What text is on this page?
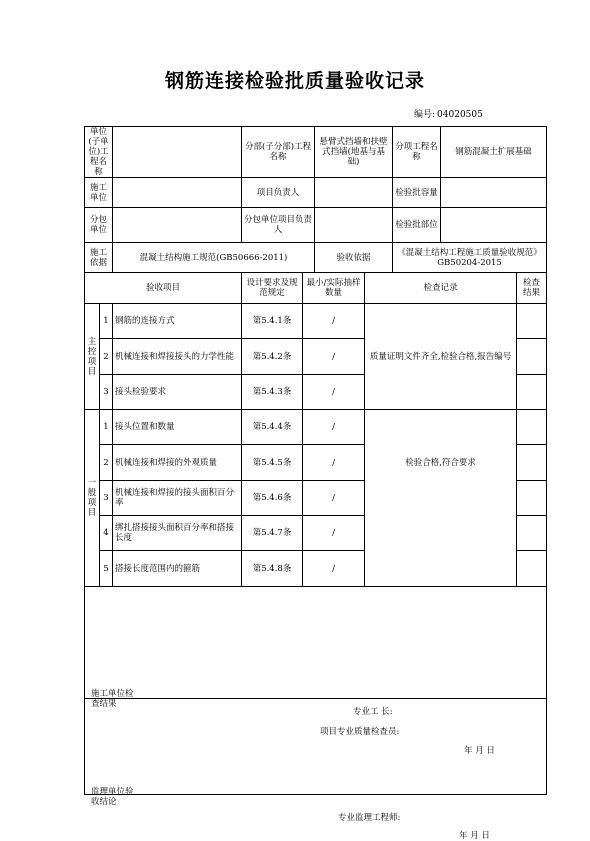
钢筋连接检验批质量验收记录
编号: 04020505
单位(子单位)工程名称			分部(子分部)工程名称		悬臂式挡墙和扶壁式挡墙(地基与基础)		分项工程名称	钢筋混凝土扩展基础	
施工单位			项目负责人				检验批容量		
分包单位			分包单位项目负责人				检验批部位		
施工依据		混凝土结构施工规范(GB50666-2011)			验收依据		《混凝土结构工程施工质量验收规范》GB50204-2015		
验收项目			设计要求及规范规定	最小/实际抽样数量		检查记录			检查结果
主
控
项
目	1	钢筋的连接方式	第5.4.1条	/					
	2	机械连接和焊接接头的力学性能	第5.4.2条	/		质量证明文件齐全,检验合格,报告编号			
	3	接头检验要求	第5.4.3条	/					
一
般
项
目	1	接头位置和数量	第5.4.4条	/					
	2	机械连接和焊接的外观质量	第5.4.5条	/		检验合格,符合要求			
	3	机械连接和焊接的接头面积百分率	第5.4.6条	/					
	4	绑扎搭接接头面积百分率和搭接长度	第5.4.7条	/					
	5	搭接长度范围内的箍筋	第5.4.8条	/					

施工单位检查结果
专业工 长:
项目专业质量检查员:
年 月 日									

监理单位验收结论
专业监理工程师:
年 月 日									
